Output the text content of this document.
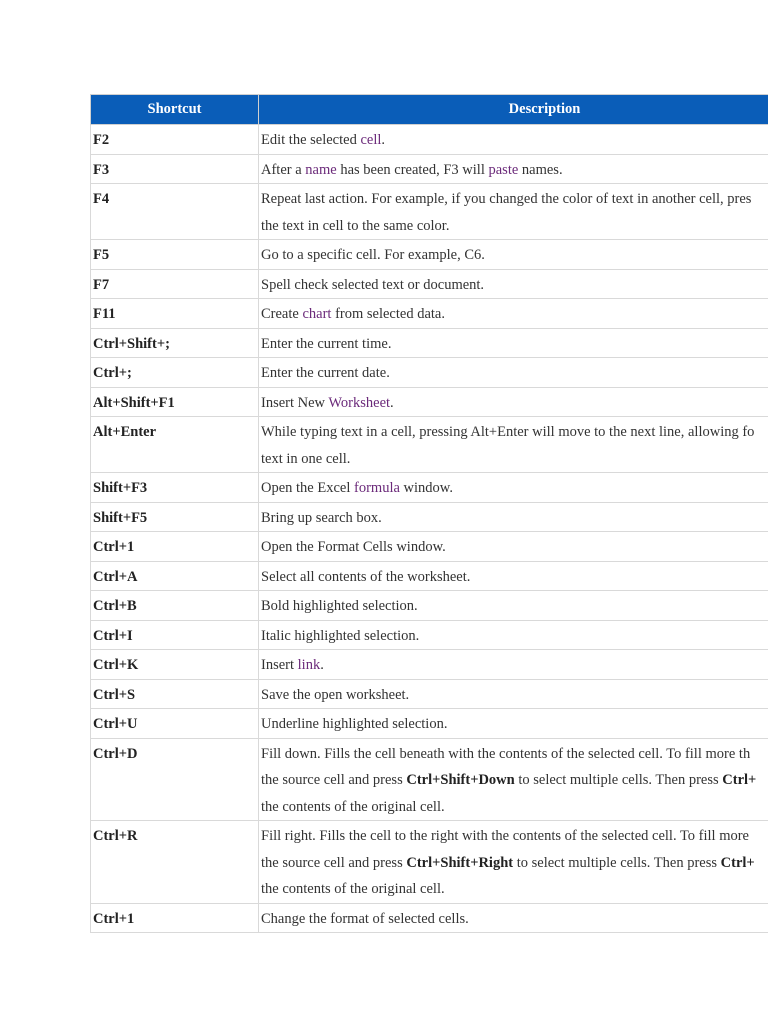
Shortcut	Description
F2	Edit the selected cell.

F3	After a name has been created, F3 will paste names.

F4	Repeat last action. For example, if you changed the color of text in another cell, pres
the text in cell to the same color.

F5	Go to a specific cell. For example, C6.

F7	Spell check selected text or document.

F11	Create chart from selected data.

Ctrl+Shift+;	Enter the current time.

Ctrl+;	Enter the current date.

Alt+Shift+F1	Insert New Worksheet.

Alt+Enter	While typing text in a cell, pressing Alt+Enter will move to the next line, allowing fo
text in one cell.

Shift+F3	Open the Excel formula window.

Shift+F5	Bring up search box.

Ctrl+1	Open the Format Cells window.

Ctrl+A	Select all contents of the worksheet.

Ctrl+B	Bold highlighted selection.

Ctrl+I	Italic highlighted selection.

Ctrl+K	Insert link.

Ctrl+S	Save the open worksheet.

Ctrl+U	Underline highlighted selection.

Ctrl+D	Fill down. Fills the cell beneath with the contents of the selected cell. To fill more th
the source cell and press Ctrl+Shift+Down to select multiple cells. Then press Ctrl+
the contents of the original cell.

Ctrl+R	Fill right. Fills the cell to the right with the contents of the selected cell. To fill more
the source cell and press Ctrl+Shift+Right to select multiple cells. Then press Ctrl+
the contents of the original cell.

Ctrl+1	Change the format of selected cells.
